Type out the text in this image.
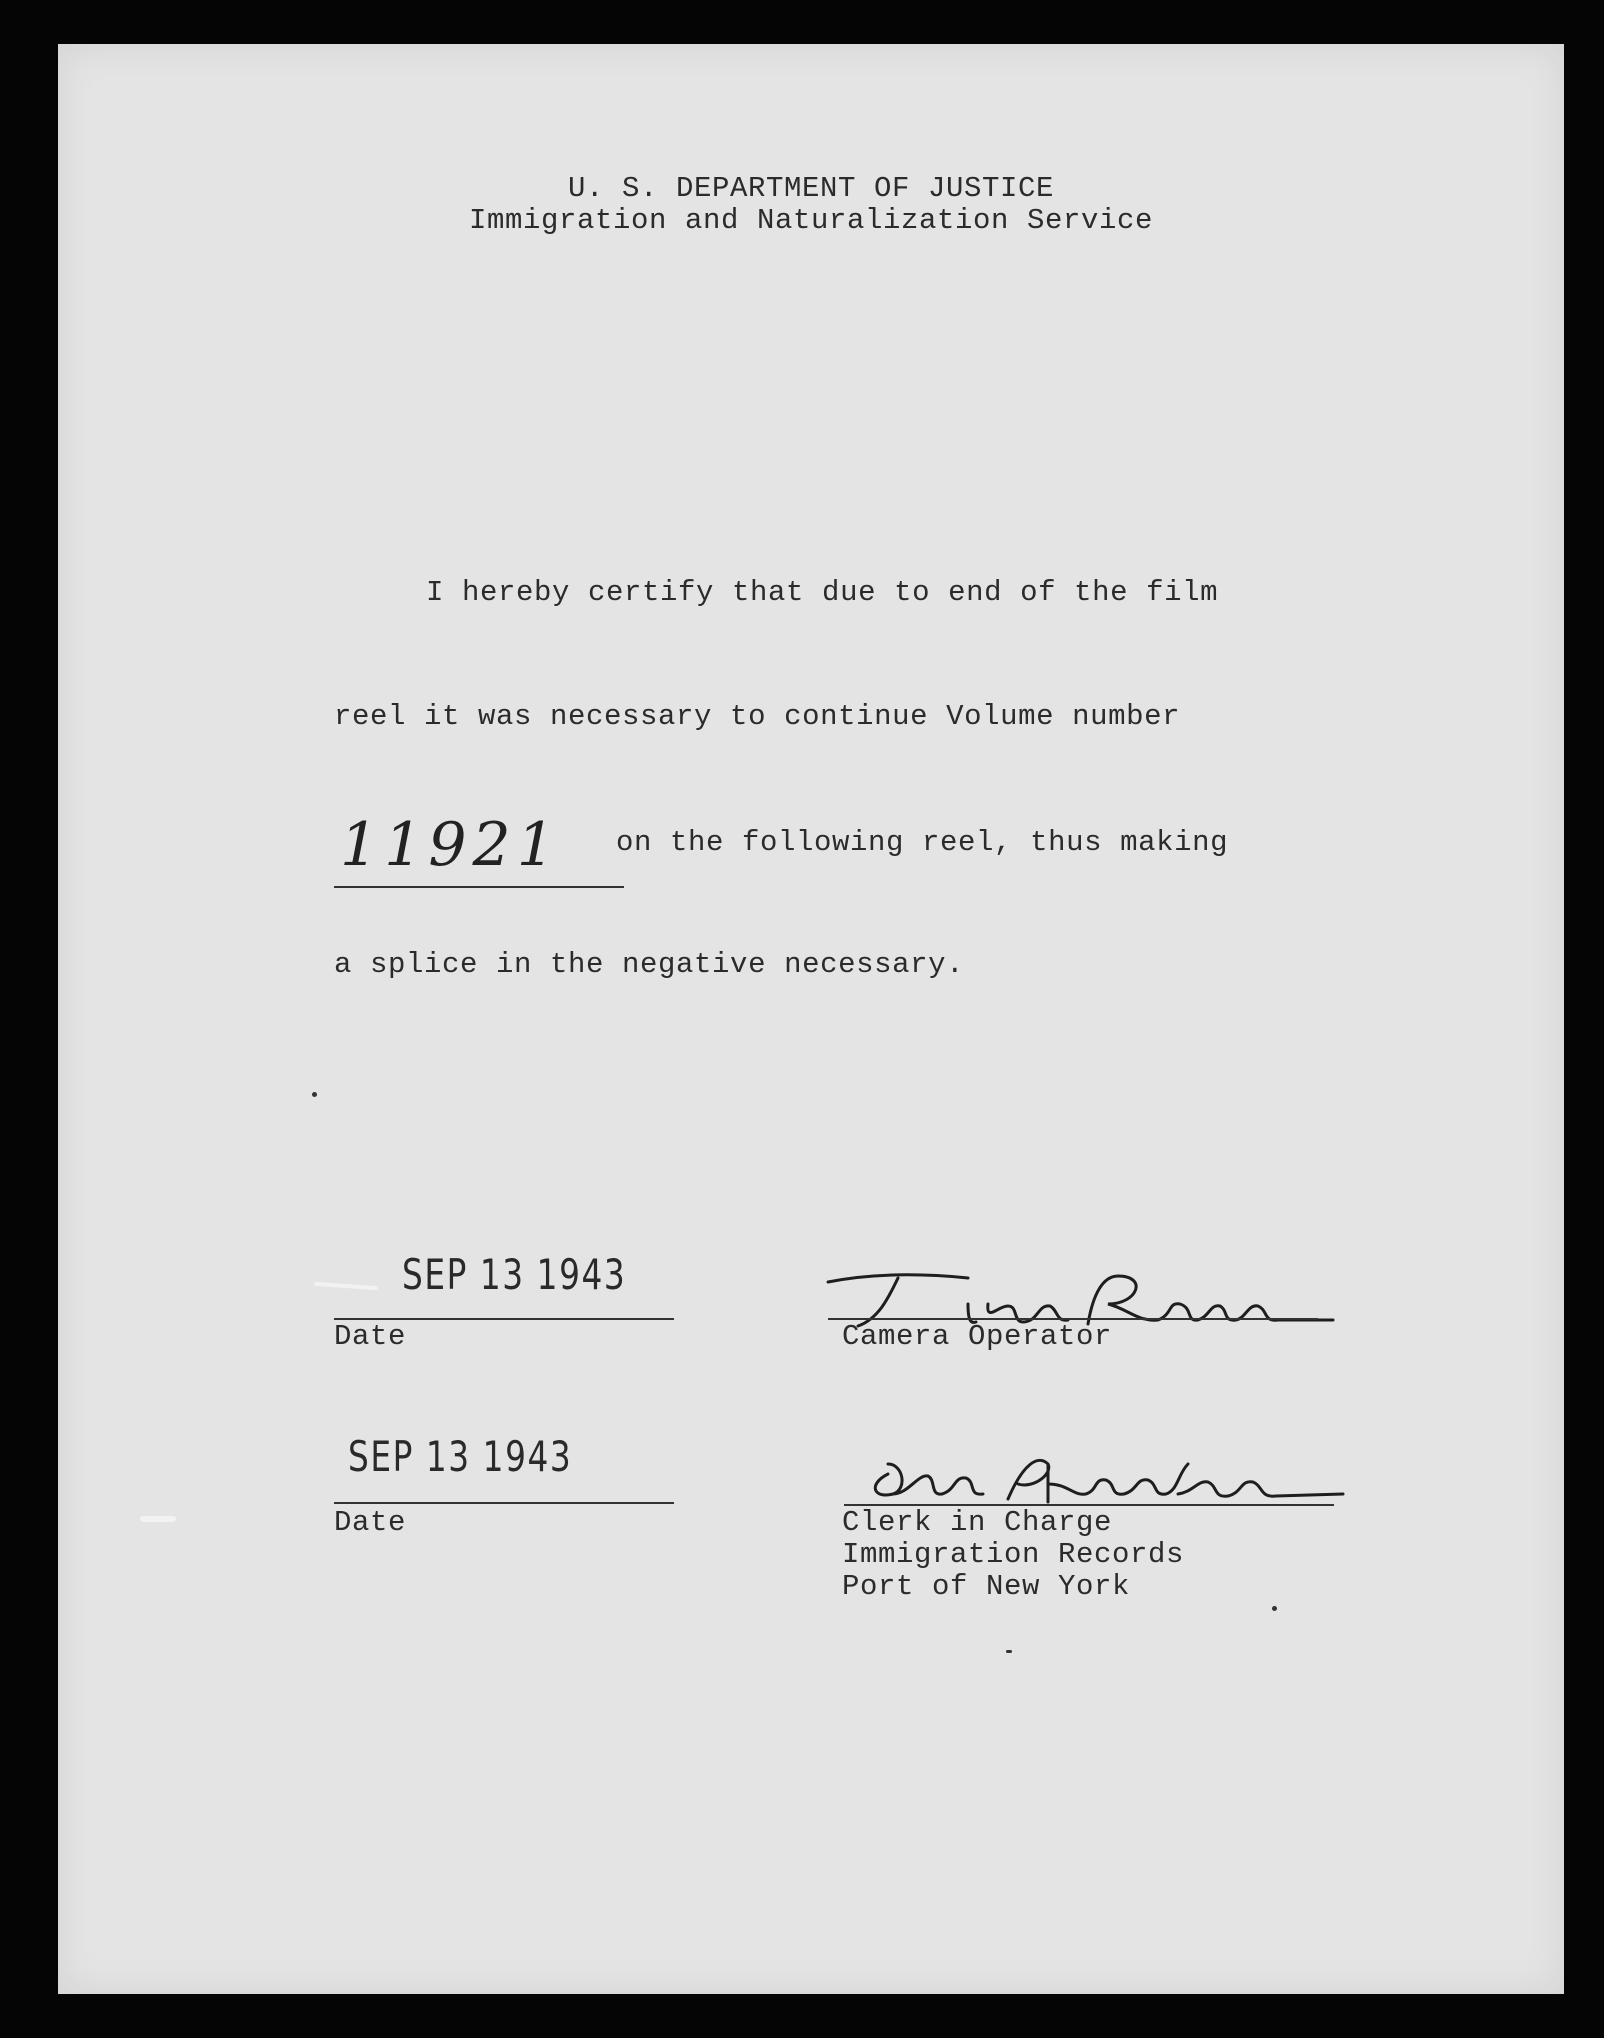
U. S. DEPARTMENT OF JUSTICE
Immigration and Naturalization Service
I hereby certify that due to end of the film
reel it was necessary to continue Volume number
11921 on the following reel, thus making
a splice in the negative necessary.
SEP 13 1943
Date	Camera Operator
SEP 13 1943
Date	Clerk in Charge
Immigration Records
Port of New York
